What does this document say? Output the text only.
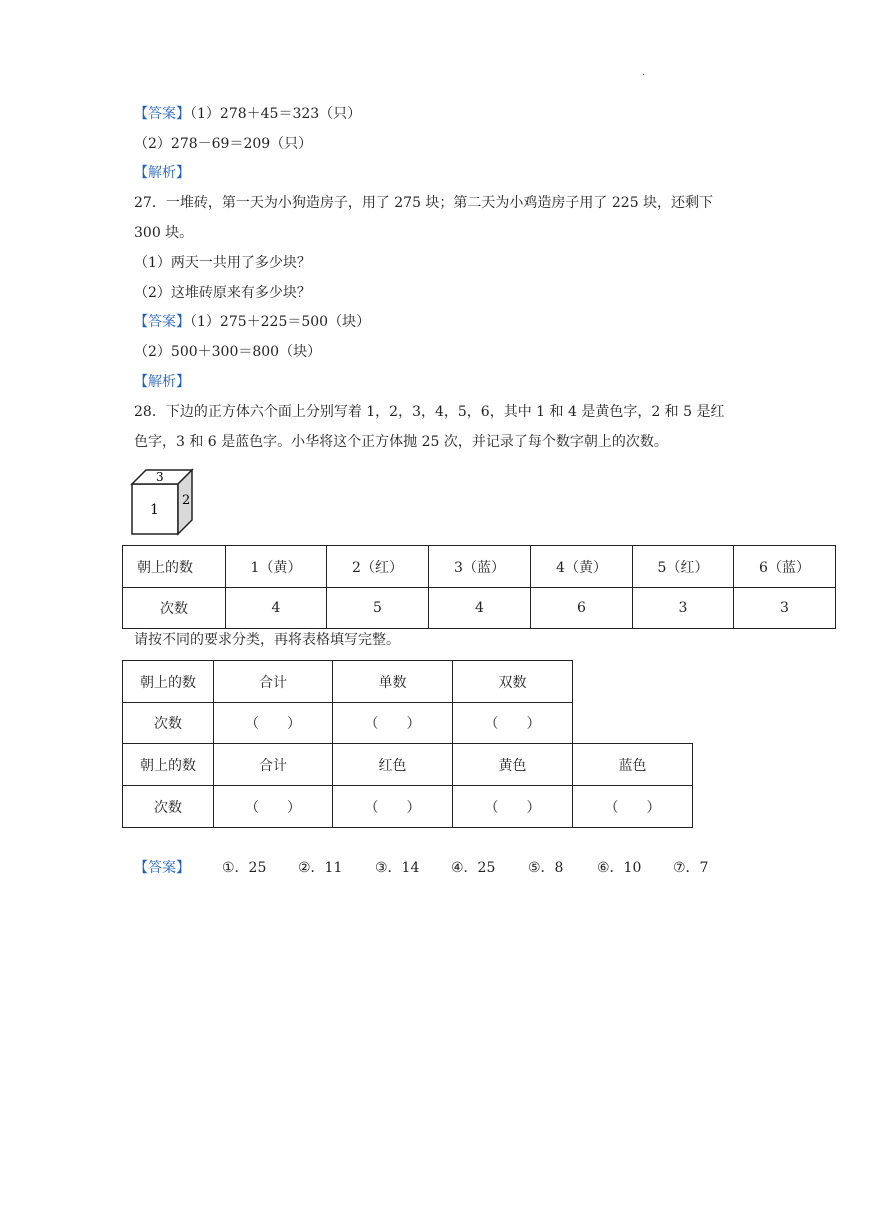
·
【答案】（1）278＋45＝323（只）
（2）278－69＝209（只）
【解析】
27．一堆砖，第一天为小狗造房子，用了 275 块；第二天为小鸡造房子用了 225 块，还剩下
300 块。
（1）两天一共用了多少块？
（2）这堆砖原来有多少块？
【答案】（1）275＋225＝500（块）
（2）500＋300＝800（块）
【解析】
28．下边的正方体六个面上分别写着 1，2，3，4，5，6，其中 1 和 4 是黄色字，2 和 5 是红
色字，3 和 6 是蓝色字。小华将这个正方体抛 25 次，并记录了每个数字朝上的次数。
1
3
2
朝上的数	1（黄）	2（红）	3（蓝）	4（黄）	5（红）	6（蓝）
次数	4	5	4	6	3	3
请按不同的要求分类，再将表格填写完整。
朝上的数	合计	单数	双数
次数	（　　）	（　　）	（　　）
朝上的数	合计	红色	黄色	蓝色
次数	（　　）	（　　）	（　　）	（　　）
【答案】 ①．25 ②．11 ③．14 ④．25 ⑤．8 ⑥．10 ⑦．7
